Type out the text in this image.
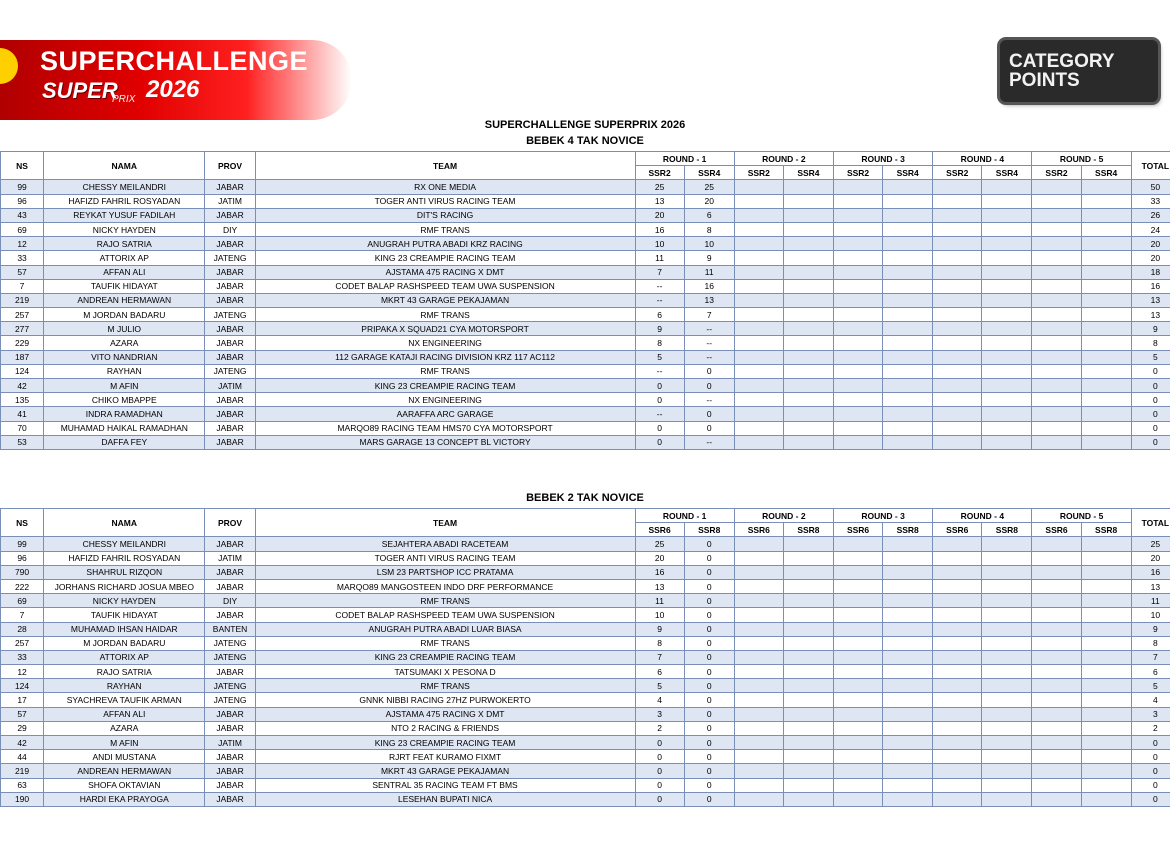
SUPERCHALLENGE
SUPER
PRIX 2026
CATEGORY
POINTS
SUPERCHALLENGE SUPERPRIX 2026
BEBEK 4 TAK NOVICE
BEBEK 2 TAK NOVICE
NS	NAMA	PROV	TEAM	ROUND - 1		ROUND - 2		ROUND - 3		ROUND - 4		ROUND - 5		TOTAL
				SSR2	SSR4	SSR2	SSR4	SSR2	SSR4	SSR2	SSR4	SSR2	SSR4	
99	CHESSY MEILANDRI	JABAR	RX ONE MEDIA	25	25									50
96	HAFIZD FAHRIL ROSYADAN	JATIM	TOGER ANTI VIRUS RACING TEAM	13	20									33
43	REYKAT YUSUF FADILAH	JABAR	DIT'S RACING	20	6									26
69	NICKY HAYDEN	DIY	RMF TRANS	16	8									24
12	RAJO SATRIA	JABAR	ANUGRAH PUTRA ABADI KRZ RACING	10	10									20
33	ATTORIX AP	JATENG	KING 23 CREAMPIE RACING TEAM	11	9									20
57	AFFAN ALI	JABAR	AJSTAMA 475 RACING X DMT	7	11									18
7	TAUFIK HIDAYAT	JABAR	CODET BALAP RASHSPEED TEAM UWA SUSPENSION	--	16									16
219	ANDREAN HERMAWAN	JABAR	MKRT 43 GARAGE PEKAJAMAN	--	13									13
257	M JORDAN BADARU	JATENG	RMF TRANS	6	7									13
277	M JULIO	JABAR	PRIPAKA X SQUAD21 CYA MOTORSPORT	9	--									9
229	AZARA	JABAR	NX ENGINEERING	8	--									8
187	VITO NANDRIAN	JABAR	112 GARAGE KATAJI RACING DIVISION KRZ 117 AC112	5	--									5
124	RAYHAN	JATENG	RMF TRANS	--	0									0
42	M AFIN	JATIM	KING 23 CREAMPIE RACING TEAM	0	0									0
135	CHIKO MBAPPE	JABAR	NX ENGINEERING	0	--									0
41	INDRA RAMADHAN	JABAR	AARAFFA ARC GARAGE	--	0									0
70	MUHAMAD HAIKAL RAMADHAN	JABAR	MARQO89 RACING TEAM HMS70 CYA MOTORSPORT	0	0									0
53	DAFFA FEY	JABAR	MARS GARAGE 13 CONCEPT BL VICTORY	0	--									0
NS	NAMA	PROV	TEAM	ROUND - 1		ROUND - 2		ROUND - 3		ROUND - 4		ROUND - 5		TOTAL
				SSR6	SSR8	SSR6	SSR8	SSR6	SSR8	SSR6	SSR8	SSR6	SSR8	
99	CHESSY MEILANDRI	JABAR	SEJAHTERA ABADI RACETEAM	25	0									25
96	HAFIZD FAHRIL ROSYADAN	JATIM	TOGER ANTI VIRUS RACING TEAM	20	0									20
790	SHAHRUL RIZQON	JABAR	LSM 23 PARTSHOP ICC PRATAMA	16	0									16
222	JORHANS RICHARD JOSUA MBEO	JABAR	MARQO89 MANGOSTEEN INDO DRF PERFORMANCE	13	0									13
69	NICKY HAYDEN	DIY	RMF TRANS	11	0									11
7	TAUFIK HIDAYAT	JABAR	CODET BALAP RASHSPEED TEAM UWA SUSPENSION	10	0									10
28	MUHAMAD IHSAN HAIDAR	BANTEN	ANUGRAH PUTRA ABADI LUAR BIASA	9	0									9
257	M JORDAN BADARU	JATENG	RMF TRANS	8	0									8
33	ATTORIX AP	JATENG	KING 23 CREAMPIE RACING TEAM	7	0									7
12	RAJO SATRIA	JABAR	TATSUMAKI X PESONA D	6	0									6
124	RAYHAN	JATENG	RMF TRANS	5	0									5
17	SYACHREVA TAUFIK ARMAN	JATENG	GNNK NIBBI RACING 27HZ PURWOKERTO	4	0									4
57	AFFAN ALI	JABAR	AJSTAMA 475 RACING X DMT	3	0									3
29	AZARA	JABAR	NTO 2 RACING & FRIENDS	2	0									2
42	M AFIN	JATIM	KING 23 CREAMPIE RACING TEAM	0	0									0
44	ANDI MUSTANA	JABAR	RJRT FEAT KURAMO FIXMT	0	0									0
219	ANDREAN HERMAWAN	JABAR	MKRT 43 GARAGE PEKAJAMAN	0	0									0
63	SHOFA OKTAVIAN	JABAR	SENTRAL 35 RACING TEAM FT BMS	0	0									0
190	HARDI EKA PRAYOGA	JABAR	LESEHAN BUPATI NICA	0	0									0
